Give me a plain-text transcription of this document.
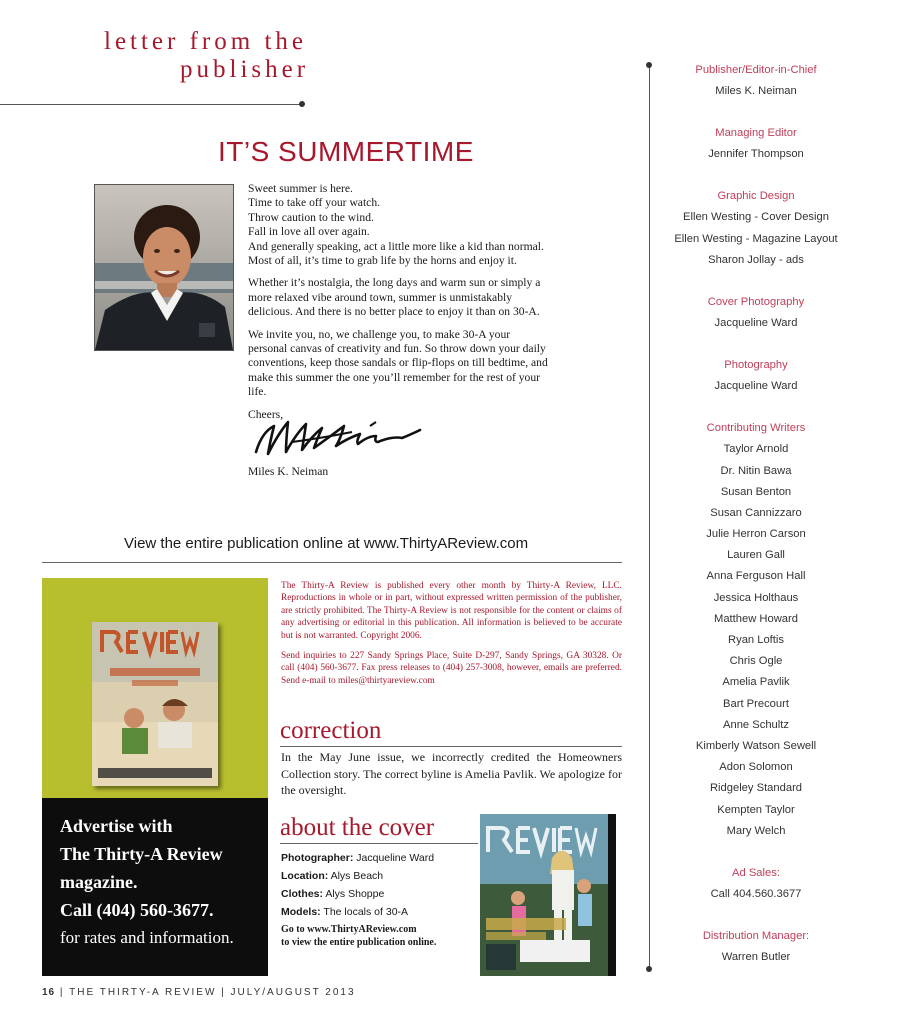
letter from the
publisher
IT’S SUMMERTIME

Sweet summer is here.
Time to take off your watch.
Throw caution to the wind.
Fall in love all over again.
And generally speaking, act a little more like a kid than normal.
Most of all, it’s time to grab life by the horns and enjoy it.

Whether it’s nostalgia, the long days and warm sun or simply a more relaxed vibe around town, summer is unmistakably delicious. And there is no better place to enjoy it than on 30-A.

We invite you, no, we challenge you, to make 30-A your personal canvas of creativity and fun. So throw down your daily conventions, keep those sandals or flip-flops on till bedtime, and make this summer the one you’ll remember for the rest of your life.

Cheers,

Miles K. Neiman
View the entire publication online at www.ThirtyAReview.com
Advertise with
The Thirty-A Review
magazine.
Call (404) 560-3677.
for rates and information.

The Thirty-A Review is published every other month by Thirty-A Review, LLC. Reproductions in whole or in part, without expressed written permission of the publisher, are strictly prohibited. The Thirty-A Review is not responsible for the content or claims of any advertising or editorial in this publication. All information is believed to be accurate but is not warranted. Copyright 2006.

Send inquiries to 227 Sandy Springs Place, Suite D-297, Sandy Springs, GA 30328. Or call (404) 560-3677. Fax press releases to (404) 257-3008, however, emails are preferred. Send e-mail to miles@thirtyareview.com

correction
In the May June issue, we incorrectly credited the Homeowners Collection story. The correct byline is Amelia Pavlik. We apologize for the oversight.
about the cover
Photographer: Jacqueline Ward
Location: Alys Beach
Clothes: Alys Shoppe
Models: The locals of 30-A
Go to www.ThirtyAReview.com
to view the entire publication online.
16 | THE THIRTY-A REVIEW | JULY/AUGUST 2013
Publisher/Editor-in-Chief
Miles K. Neiman
Managing Editor
Jennifer Thompson
Graphic Design
Ellen Westing - Cover Design
Ellen Westing - Magazine Layout
Sharon Jollay - ads
Cover Photography
Jacqueline Ward
Photography
Jacqueline Ward
Contributing Writers
Taylor Arnold
Dr. Nitin Bawa
Susan Benton
Susan Cannizzaro
Julie Herron Carson
Lauren Gall
Anna Ferguson Hall
Jessica Holthaus
Matthew Howard
Ryan Loftis
Chris Ogle
Amelia Pavlik
Bart Precourt
Anne Schultz
Kimberly Watson Sewell
Adon Solomon
Ridgeley Standard
Kempten Taylor
Mary Welch
Ad Sales:
Call 404.560.3677
Distribution Manager:
Warren Butler
